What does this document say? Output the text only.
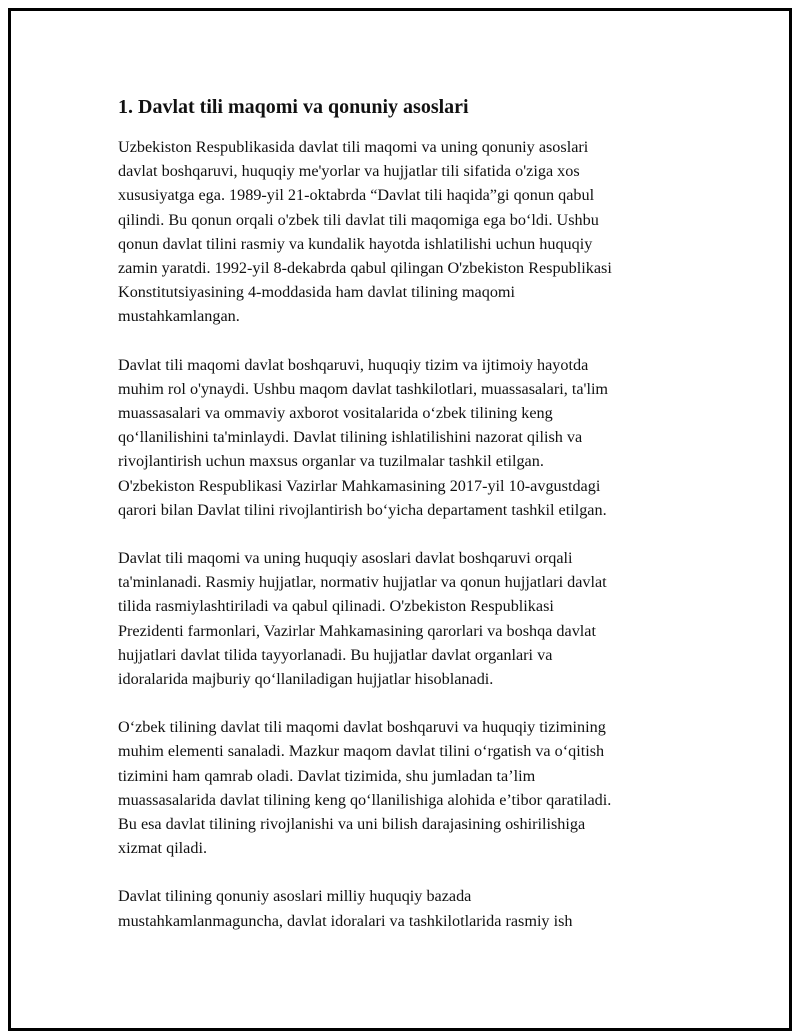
1. Davlat tili maqomi va qonuniy asoslari

Uzbekiston Respublikasida davlat tili maqomi va uning qonuniy asoslari
davlat boshqaruvi, huquqiy me'yorlar va hujjatlar tili sifatida o'ziga xos
xususiyatga ega. 1989-yil 21-oktabrda “Davlat tili haqida”gi qonun qabul
qilindi. Bu qonun orqali o'zbek tili davlat tili maqomiga ega bo‘ldi. Ushbu
qonun davlat tilini rasmiy va kundalik hayotda ishlatilishi uchun huquqiy
zamin yaratdi. 1992-yil 8-dekabrda qabul qilingan O'zbekiston Respublikasi
Konstitutsiyasining 4-moddasida ham davlat tilining maqomi
mustahkamlangan.

Davlat tili maqomi davlat boshqaruvi, huquqiy tizim va ijtimoiy hayotda
muhim rol o'ynaydi. Ushbu maqom davlat tashkilotlari, muassasalari, ta'lim
muassasalari va ommaviy axborot vositalarida o‘zbek tilining keng
qo‘llanilishini ta'minlaydi. Davlat tilining ishlatilishini nazorat qilish va
rivojlantirish uchun maxsus organlar va tuzilmalar tashkil etilgan.
O'zbekiston Respublikasi Vazirlar Mahkamasining 2017-yil 10-avgustdagi
qarori bilan Davlat tilini rivojlantirish bo‘yicha departament tashkil etilgan.

Davlat tili maqomi va uning huquqiy asoslari davlat boshqaruvi orqali
ta'minlanadi. Rasmiy hujjatlar, normativ hujjatlar va qonun hujjatlari davlat
tilida rasmiylashtiriladi va qabul qilinadi. O'zbekiston Respublikasi
Prezidenti farmonlari, Vazirlar Mahkamasining qarorlari va boshqa davlat
hujjatlari davlat tilida tayyorlanadi. Bu hujjatlar davlat organlari va
idoralarida majburiy qo‘llaniladigan hujjatlar hisoblanadi.

O‘zbek tilining davlat tili maqomi davlat boshqaruvi va huquqiy tizimining
muhim elementi sanaladi. Mazkur maqom davlat tilini o‘rgatish va o‘qitish
tizimini ham qamrab oladi. Davlat tizimida, shu jumladan ta’lim
muassasalarida davlat tilining keng qo‘llanilishiga alohida e’tibor qaratiladi.
Bu esa davlat tilining rivojlanishi va uni bilish darajasining oshirilishiga
xizmat qiladi.

Davlat tilining qonuniy asoslari milliy huquqiy bazada
mustahkamlanmaguncha, davlat idoralari va tashkilotlarida rasmiy ish
